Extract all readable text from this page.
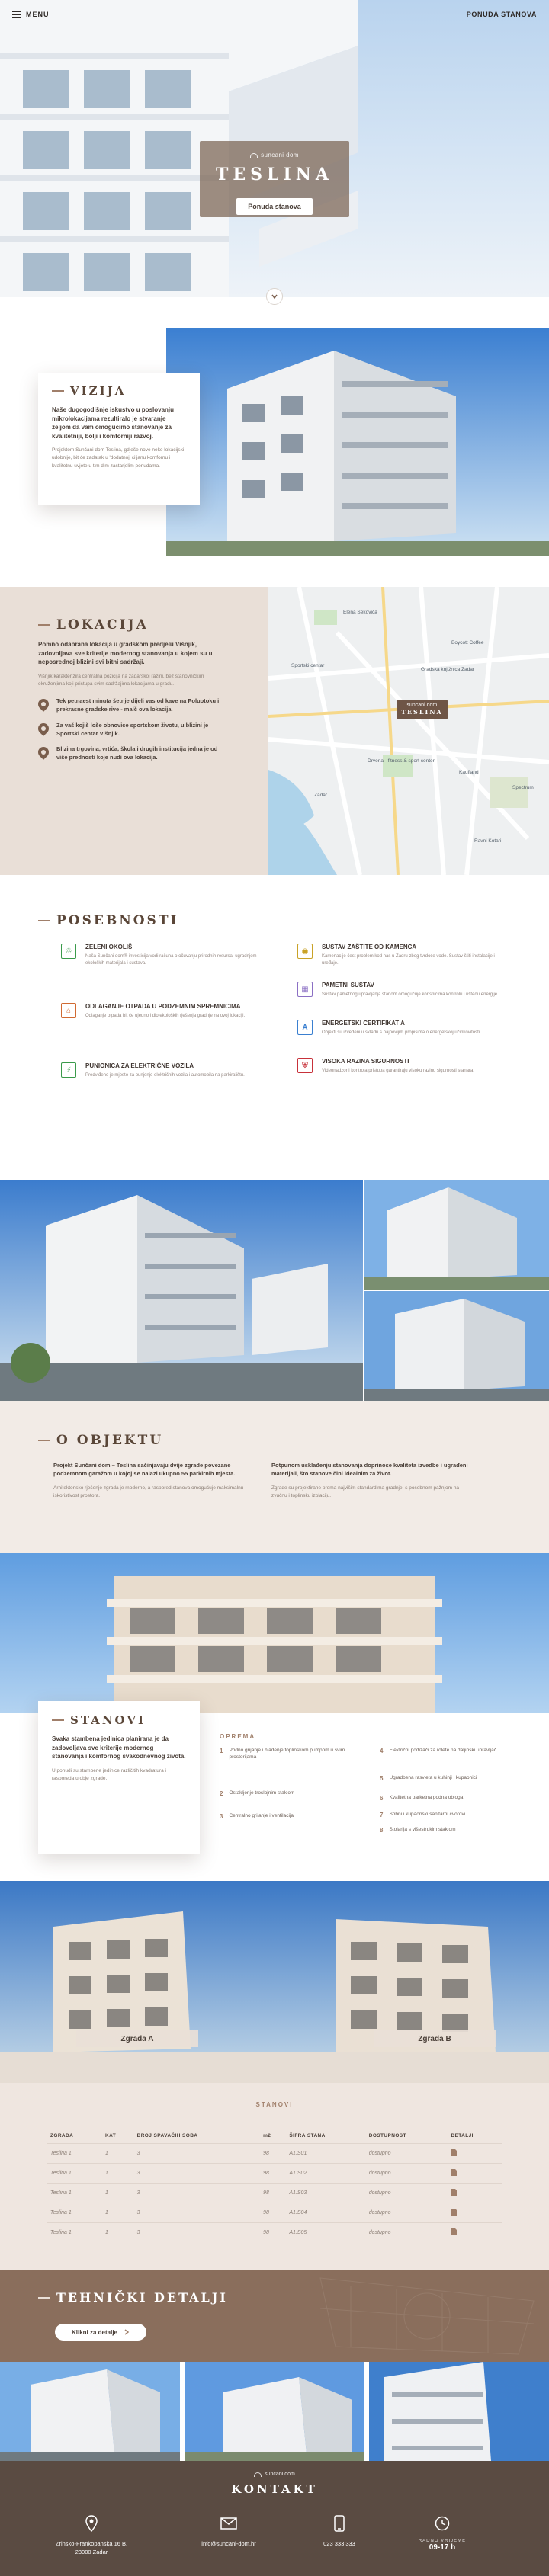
MENU	PONUDA STANOVA
suncani dom
TESLINA
Ponuda stanova
VIZIJA

Naše dugogodišnje iskustvo u poslovanju mikrolokacijama rezultiralo je stvaranje željom da vam omogućimo stanovanje za kvalitetniji, bolji i komforniji razvoj.

Projektom Sunčani dom Teslina, gdješe nove neke lokacijski udobnije, bit će zadatak u 'dodatnoj' ciljanu komfornu i kvalitetnu uvjete u tim dim zastarjelim ponudama.

LOKACIJA

Pomno odabrana lokacija u gradskom predjelu Višnjik, zadovoljava sve kriterije modernog stanovanja u kojem su u neposrednoj blizini svi bitni sadržaji.

Višnjik karakterizira centralna pozicija na zadarskoj razini, bez stanovničkim okruženjima koji pristupa svim sadržajima lokacijama u gradu.

Tek petnaest minuta šetnje dijeli vas od kave na Poluotoku i prekrasne gradske rive - malč ova lokacija.
Za vaš kojiš loše obnovice sportskom životu, u blizini je Sportski centar Višnjik.
Blizina trgovina, vrtića, škola i drugih institucija jedna je od više prednosti koje nudi ova lokacija.
Elena Sekovića
Boycott Coffee
Gradska knjižnica Zadar
Kaufland
Drvena - fitness & sport center
Zadar
Ravni Kotari
Spectrum
Sportski centar
suncani dom
TESLINA
POSEBNOSTI
♲	ZELENI OKOLIŠ

Naša Sunčani dom® investicija vodi računa o očuvanju prirodnih resursa, ugradnjom ekoloških materijala i sustava.

⌂	ODLAGANJE OTPADA U PODZEMNIM SPREMNICIMA

Odlaganje otpada bit će ujedno i dio ekoloških rješenja gradnje na ovoj lokaciji.

⚡	PUNIONICA ZA ELEKTRIČNE VOZILA

Predviđeno je mjesto za punjenje električnih vozila i automobila na parkiralištu.

◉	SUSTAV ZAŠTITE OD KAMENCA

Kamenac je čest problem kod nas u Zadru zbog tvrdoće vode. Sustav štiti instalacije i uređaje.

▦	PAMETNI SUSTAV

Sustav pametnog upravljanja stanom omogućuje korisnicima kontrolu i uštedu energije.

A	ENERGETSKI CERTIFIKAT A

Objekti su izvedeni u skladu s najnovijim propisima o energetskoj učinkovitosti.

⛨	VISOKA RAZINA SIGURNOSTI

Videonadzor i kontrola pristupa garantiraju visoku razinu sigurnosti stanara.

O OBJEKTU

Projekt Sunčani dom – Teslina sačinjavaju dvije zgrade povezane podzemnom garažom u kojoj se nalazi ukupno 55 parkirnih mjesta.

Arhitektonsko rješenje zgrada je moderno, a raspored stanova omogućuje maksimalnu iskoristivost prostora.

Potpunom usklađenju stanovanja doprinose kvaliteta izvedbe i ugrađeni materijali, što stanove čini idealnim za život.

Zgrade su projektirane prema najvišim standardima gradnje, s posebnom pažnjom na zvučnu i toplinsku izolaciju.

STANOVI

Svaka stambena jedinica planirana je da zadovoljava sve kriterije modernog stanovanja i komfornog svakodnevnog života.

U ponudi su stambene jedinice različitih kvadratura i rasporeda u obje zgrade.

OPREMA
1 Podno grijanje i hlađenje toplinskom pumpom u svim prostorijama
2 Ostakljenje troslojnim staklom
3 Centralno grijanje i ventilacija
4 Električni podizači za rolete na daljinski upravljač
5 Ugradbena rasvjeta u kuhinji i kupaonici
6 Kvalitetna parketna podna obloga
7 Sobni i kupaonski sanitarni čvorovi
8 Stolarija s višestrukim staklom
Zgrada A	Zgrada B
STANOVI
ZGRADA	KAT	BROJ SPAVAĆIH SOBA	m2	ŠIFRA STANA	DOSTUPNOST	DETALJI
Teslina 1	1	3	98	A1.S01	dostupno	
Teslina 1	1	3	98	A1.S02	dostupno	
Teslina 1	1	3	98	A1.S03	dostupno	
Teslina 1	1	3	98	A1.S04	dostupno	
Teslina 1	1	3	98	A1.S05	dostupno	
TEHNIČKI DETALJI
Klikni za detalje
suncani dom
KONTAKT
Zrinsko-Frankopanska 16 B,
23000 Zadar
info@suncani-dom.hr	023 333 333	RADNO VRIJEME
09-17 h
